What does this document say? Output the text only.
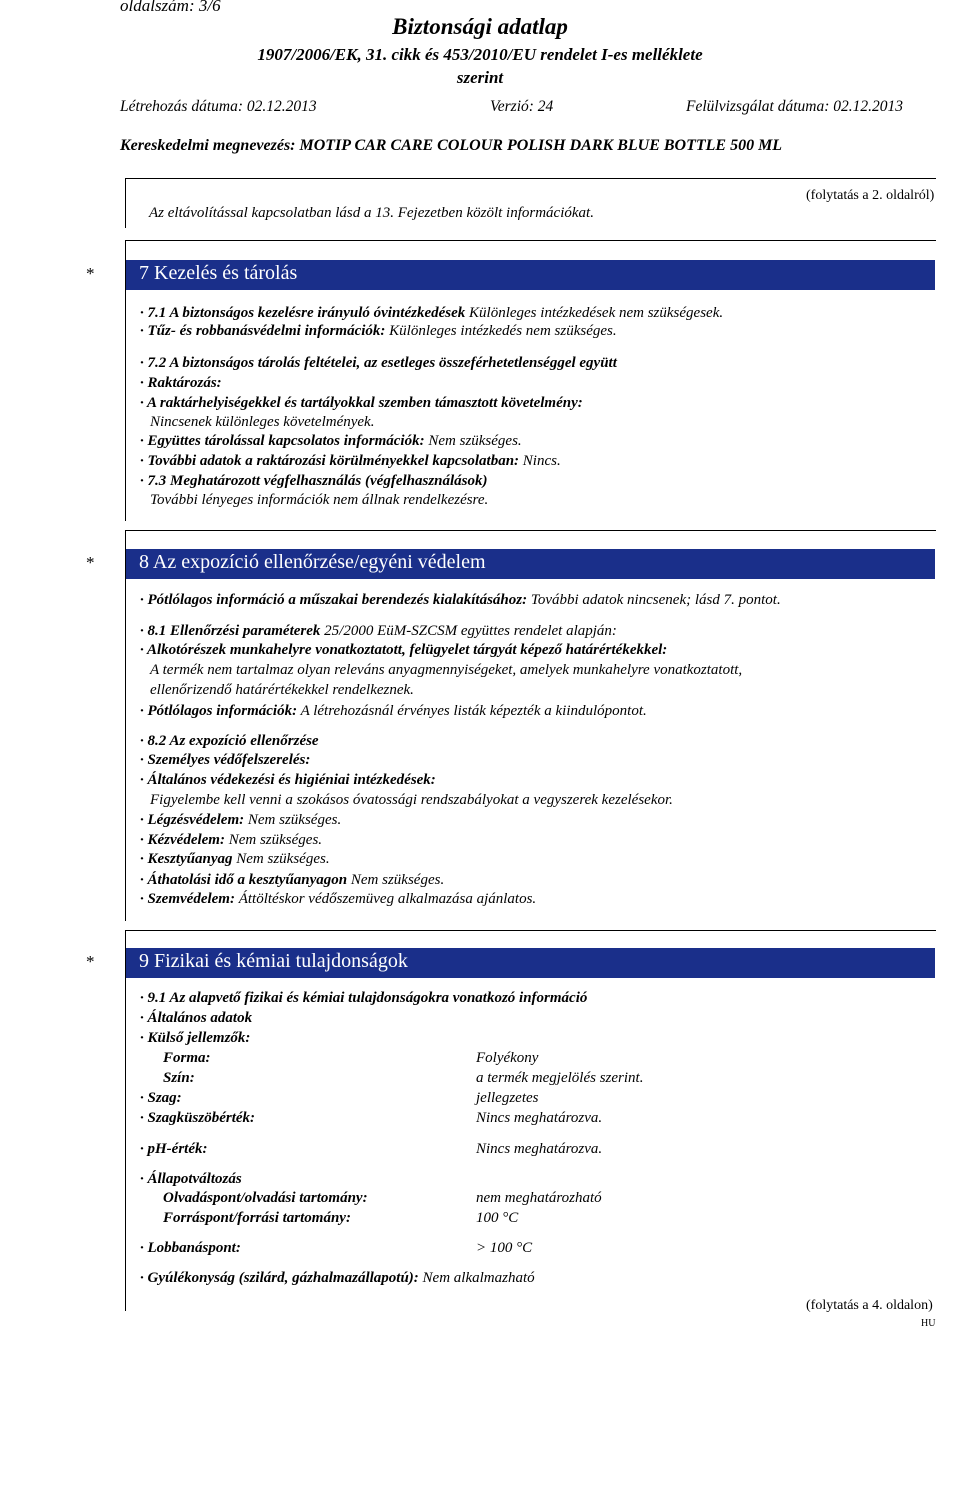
oldalszám: 3/6
Biztonsági adatlap
1907/2006/EK, 31. cikk és 453/2010/EU rendelet I-es melléklete
szerint
Létrehozás dátuma: 02.12.2013	Verzió: 24	Felülvizsgálat dátuma: 02.12.2013
Kereskedelmi megnevezés: MOTIP CAR CARE COLOUR POLISH DARK BLUE BOTTLE 500 ML
(folytatás a 2. oldalról)
Az eltávolítással kapcsolatban lásd a 13. Fejezetben közölt információkat.
* 7 Kezelés és tárolás
· 7.1 A biztonságos kezelésre irányuló óvintézkedések Különleges intézkedések nem szükségesek.
· Tűz- és robbanásvédelmi információk: Különleges intézkedés nem szükséges.
· 7.2 A biztonságos tárolás feltételei, az esetleges összeférhetetlenséggel együtt
· Raktározás:
· A raktárhelyiségekkel és tartályokkal szemben támasztott követelmény:
Nincsenek különleges követelmények.
· Együttes tárolással kapcsolatos információk: Nem szükséges.
· További adatok a raktározási körülményekkel kapcsolatban: Nincs.
· 7.3 Meghatározott végfelhasználás (végfelhasználások)
További lényeges információk nem állnak rendelkezésre.
* 8 Az expozíció ellenőrzése/egyéni védelem
· Pótlólagos információ a műszakai berendezés kialakításához: További adatok nincsenek; lásd 7. pontot.
· 8.1 Ellenőrzési paraméterek 25/2000 EüM-SZCSM együttes rendelet alapján:
· Alkotórészek munkahelyre vonatkoztatott, felügyelet tárgyát képező határértékekkel:
A termék nem tartalmaz olyan releváns anyagmennyiségeket, amelyek munkahelyre vonatkoztatott,
ellenőrizendő határértékekkel rendelkeznek.
· Pótlólagos információk: A létrehozásnál érvényes listák képezték a kiindulópontot.
· 8.2 Az expozíció ellenőrzése
· Személyes védőfelszerelés:
· Általános védekezési és higiéniai intézkedések:
Figyelembe kell venni a szokásos óvatossági rendszabályokat a vegyszerek kezelésekor.
· Légzésvédelem: Nem szükséges.
· Kézvédelem: Nem szükséges.
· Kesztyűanyag Nem szükséges.
· Áthatolási idő a kesztyűanyagon Nem szükséges.
· Szemvédelem: Áttöltéskor védőszemüveg alkalmazása ajánlatos.
* 9 Fizikai és kémiai tulajdonságok
· 9.1 Az alapvető fizikai és kémiai tulajdonságokra vonatkozó információ
· Általános adatok
· Külső jellemzők:
Forma:	Folyékony
Szín:	a termék megjelölés szerint.
· Szag:	jellegzetes
· Szagküszöbérték:	Nincs meghatározva.
· pH-érték:	Nincs meghatározva.
· Állapotváltozás
Olvadáspont/olvadási tartomány:	nem meghatározható
Forráspont/forrási tartomány:	100 °C
· Lobbanáspont:	> 100 °C
· Gyúlékonyság (szilárd, gázhalmazállapotú): Nem alkalmazható
(folytatás a 4. oldalon)
HU
